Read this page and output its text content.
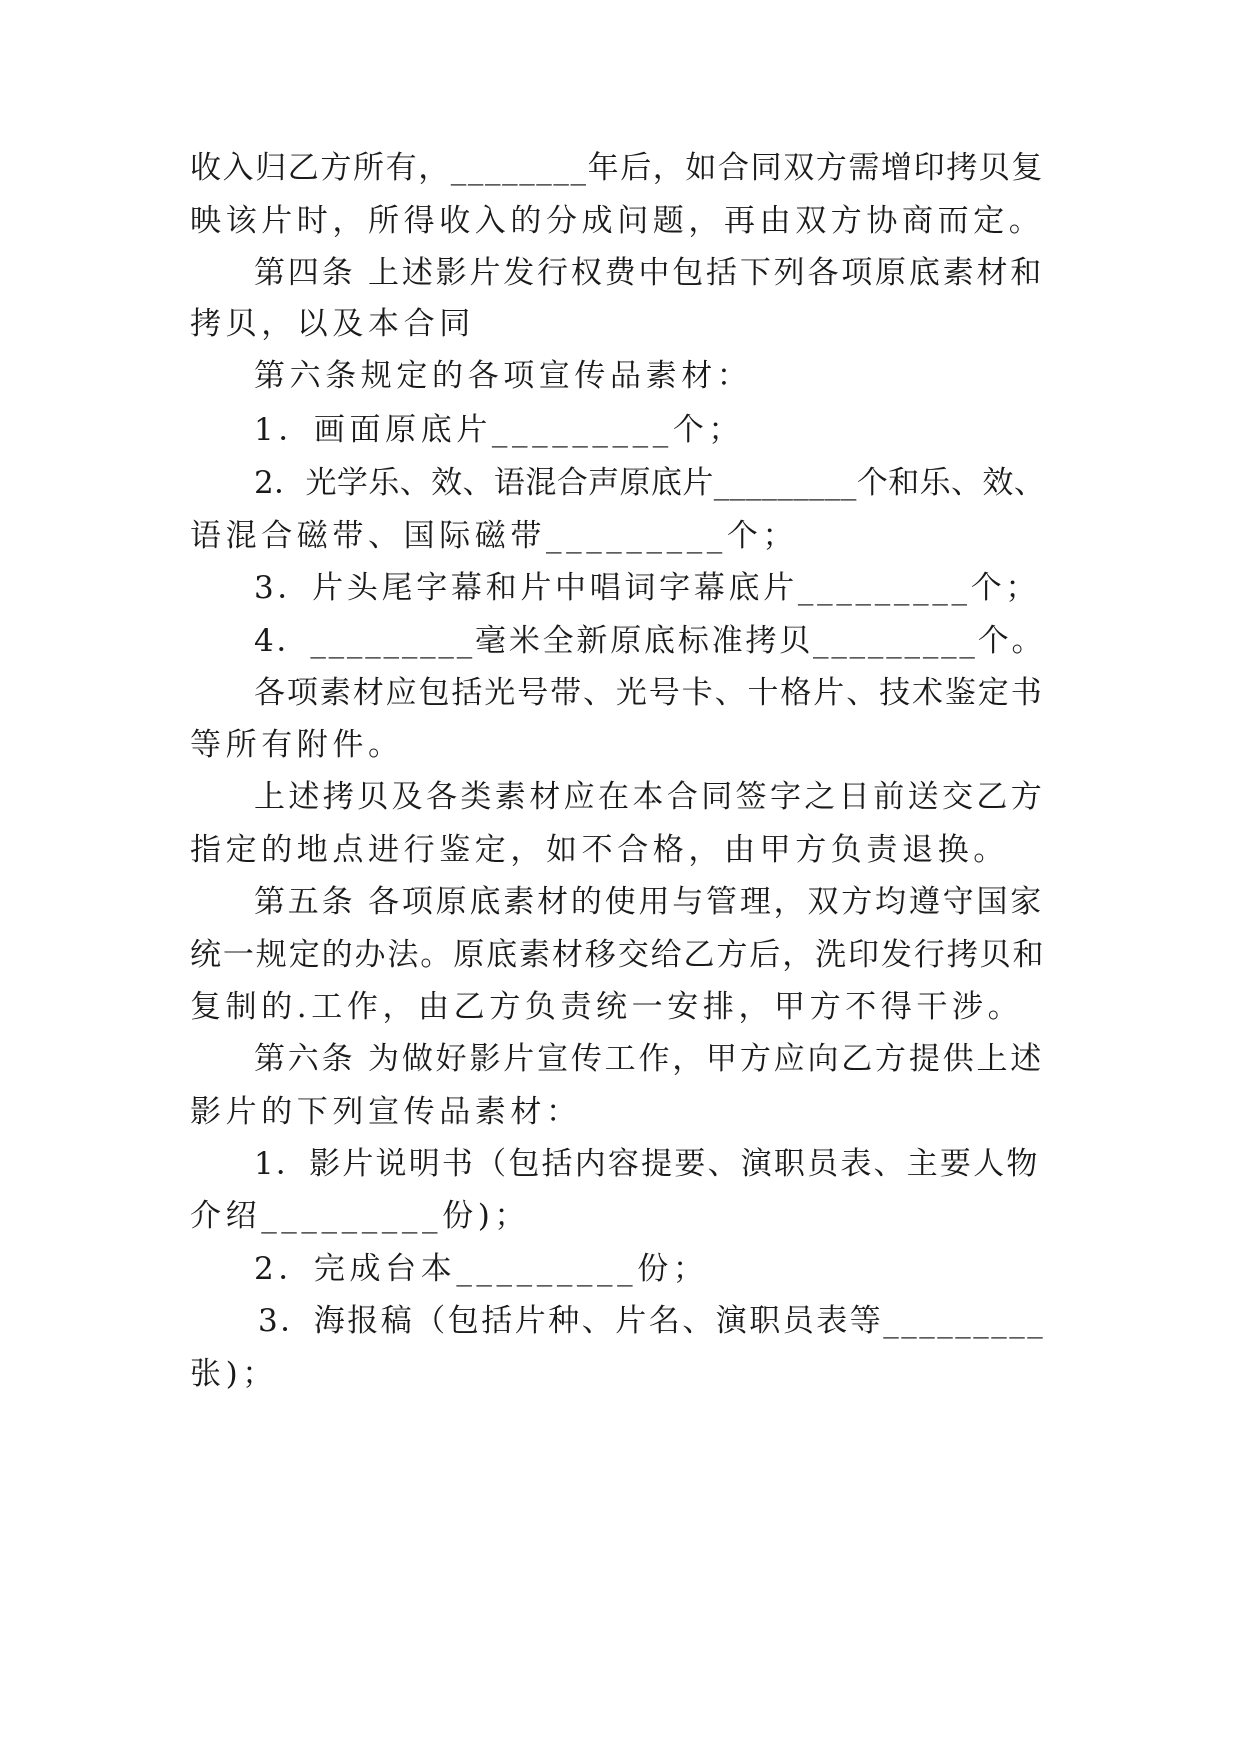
收入归乙方所有，________年后，如合同双方需增印拷贝复
映该片时，所得收入的分成问题，再由双方协商而定。
第四条 上述影片发行权费中包括下列各项原底素材和
拷贝，以及本合同
第六条规定的各项宣传品素材：
1．画面原底片_________个；
2．光学乐、效、语混合声原底片_________个和乐、效、
语混合磁带、国际磁带_________个；
3．片头尾字幕和片中唱词字幕底片_________个；
4．_________毫米全新原底标准拷贝_________个。
各项素材应包括光号带、光号卡、十格片、技术鉴定书
等所有附件。
上述拷贝及各类素材应在本合同签字之日前送交乙方
指定的地点进行鉴定，如不合格，由甲方负责退换。
第五条 各项原底素材的使用与管理，双方均遵守国家
统一规定的办法。原底素材移交给乙方后，洗印发行拷贝和
复制的.工作，由乙方负责统一安排，甲方不得干涉。
第六条 为做好影片宣传工作，甲方应向乙方提供上述
影片的下列宣传品素材：
1．影片说明书（包括内容提要、演职员表、主要人物
介绍_________份)；
2．完成台本_________份；
3．海报稿（包括片种、片名、演职员表等_________
张)；
